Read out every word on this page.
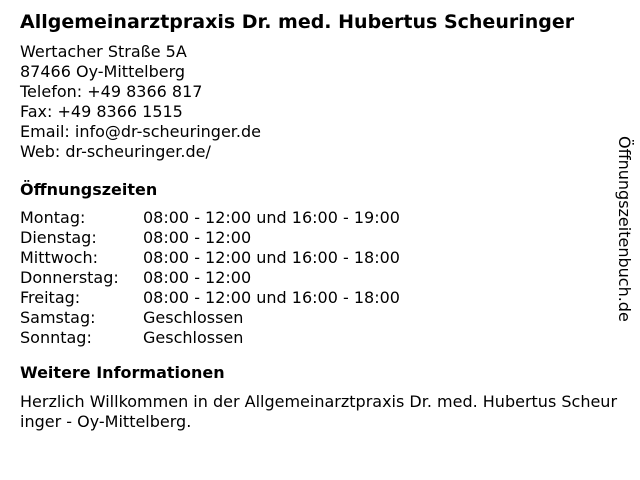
Allgemeinarztpraxis Dr. med. Hubertus Scheuringer
Wertacher Straße 5A
87466 Oy-Mittelberg
Telefon: +49 8366 817
Fax: +49 8366 1515
Email: info@dr-scheuringer.de
Web: dr-scheuringer.de/
Öffnungszeiten
Montag:	08:00 - 12:00 und 16:00 - 19:00
Dienstag:	08:00 - 12:00
Mittwoch:	08:00 - 12:00 und 16:00 - 18:00
Donnerstag:	08:00 - 12:00
Freitag:	08:00 - 12:00 und 16:00 - 18:00
Samstag:	Geschlossen
Sonntag:	Geschlossen
Weitere Informationen
Herzlich Willkommen in der Allgemeinarztpraxis Dr. med. Hubertus Scheuringer - Oy-Mittelberg.
Öffnungszeitenbuch.de
